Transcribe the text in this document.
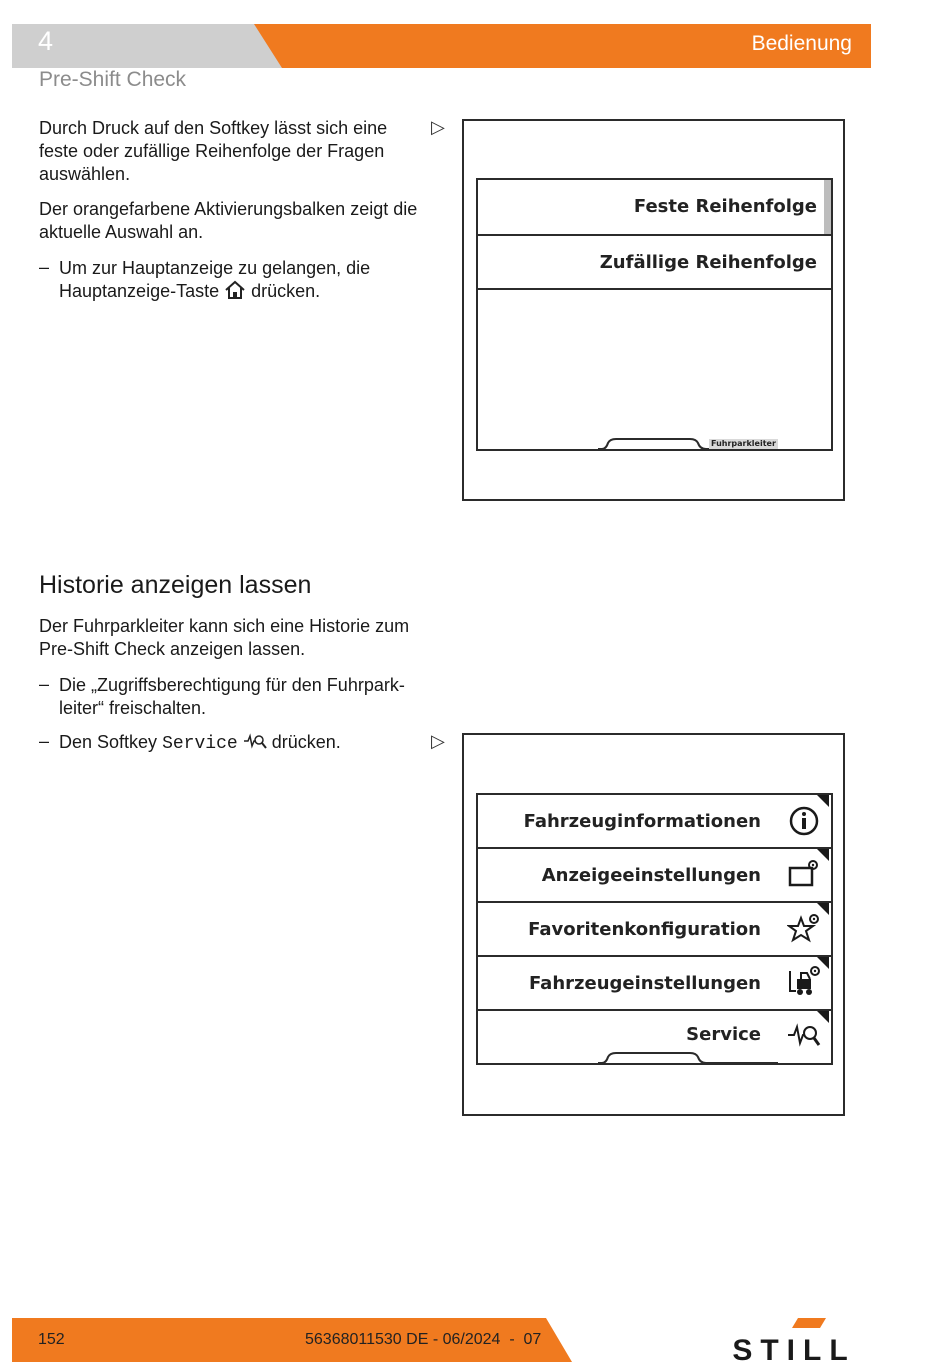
4	Bedienung
Pre-Shift Check
Durch Druck auf den Softkey lässt sich eine feste oder zufällige Reihenfolge der Fragen auswählen.
Der orangefarbene Aktivierungsbalken zeigt die aktuelle Auswahl an.
– Um zur Hauptanzeige zu gelangen, die
Hauptanzeige-Taste drücken.
▷
Feste Reihenfolge
Zufällige Reihenfolge
Fuhrparkleiter
Historie anzeigen lassen
Der Fuhrparkleiter kann sich eine Historie zum Pre-Shift Check anzeigen lassen.
– Die „Zugriffsberechtigung für den Fuhrpark-
leiter“ freischalten.
– Den Softkey Service drücken.	▷
Fahrzeuginformationen
Anzeigeeinstellungen
Favoritenkonfiguration
Fahrzeugeinstellungen
Service
152	56368011530 DE - 06/2024  -  07	STILL
